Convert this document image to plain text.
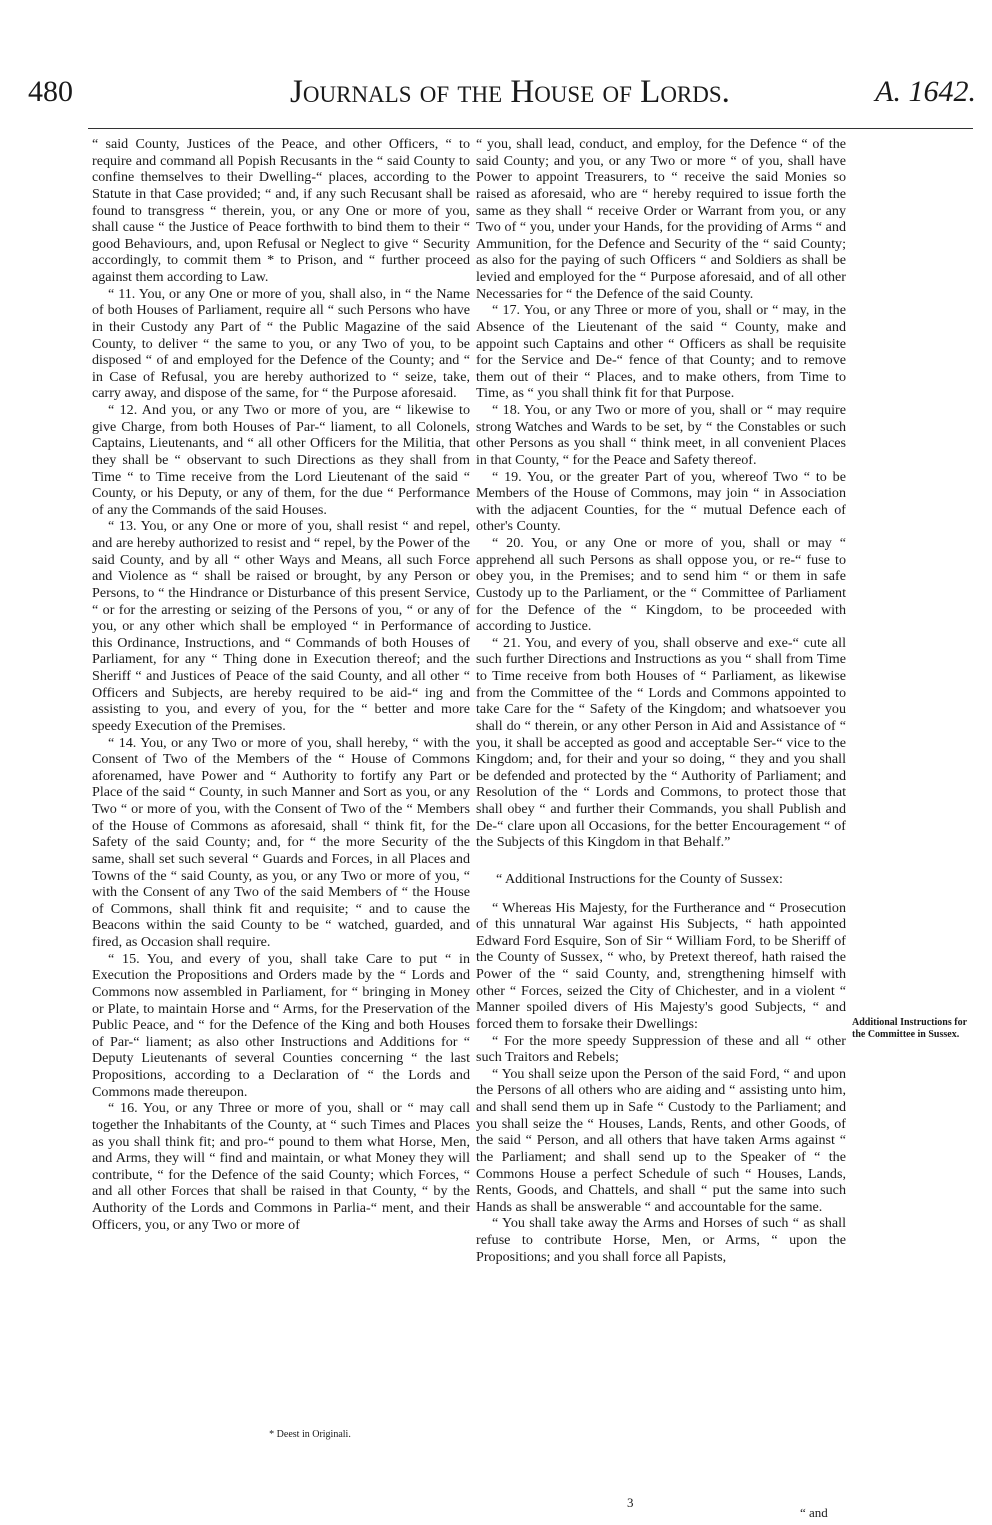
480	Journals of the House of Lords.	A. 1642.

“ said County, Justices of the Peace, and other Officers, “ to require and command all Popish Recusants in the “ said County to confine themselves to their Dwelling-“ places, according to the Statute in that Case provided; “ and, if any such Recusant shall be found to transgress “ therein, you, or any One or more of you, shall cause “ the Justice of Peace forthwith to bind them to their “ good Behaviours, and, upon Refusal or Neglect to give “ Security accordingly, to commit them * to Prison, and “ further proceed against them according to Law.

“ 11. You, or any One or more of you, shall also, in “ the Name of both Houses of Parliament, require all “ such Persons who have in their Custody any Part of “ the Public Magazine of the said County, to deliver “ the same to you, or any Two of you, to be disposed “ of and employed for the Defence of the County; and “ in Case of Refusal, you are hereby authorized to “ seize, take, carry away, and dispose of the same, for “ the Purpose aforesaid.

“ 12. And you, or any Two or more of you, are “ likewise to give Charge, from both Houses of Par-“ liament, to all Colonels, Captains, Lieutenants, and “ all other Officers for the Militia, that they shall be “ observant to such Directions as they shall from Time “ to Time receive from the Lord Lieutenant of the said “ County, or his Deputy, or any of them, for the due “ Performance of any the Commands of the said Houses.

“ 13. You, or any One or more of you, shall resist “ and repel, and are hereby authorized to resist and “ repel, by the Power of the said County, and by all “ other Ways and Means, all such Force and Violence as “ shall be raised or brought, by any Person or Persons, to “ the Hindrance or Disturbance of this present Service, “ or for the arresting or seizing of the Persons of you, “ or any of you, or any other which shall be employed “ in Performance of this Ordinance, Instructions, and “ Commands of both Houses of Parliament, for any “ Thing done in Execution thereof; and the Sheriff “ and Justices of Peace of the said County, and all other “ Officers and Subjects, are hereby required to be aid-“ ing and assisting to you, and every of you, for the “ better and more speedy Execution of the Premises.

“ 14. You, or any Two or more of you, shall hereby, “ with the Consent of Two of the Members of the “ House of Commons aforenamed, have Power and “ Authority to fortify any Part or Place of the said “ County, in such Manner and Sort as you, or any Two “ or more of you, with the Consent of Two of the “ Members of the House of Commons as aforesaid, shall “ think fit, for the Safety of the said County; and, for “ the more Security of the same, shall set such several “ Guards and Forces, in all Places and Towns of the “ said County, as you, or any Two or more of you, “ with the Consent of any Two of the said Members of “ the House of Commons, shall think fit and requisite; “ and to cause the Beacons within the said County to be “ watched, guarded, and fired, as Occasion shall require.

“ 15. You, and every of you, shall take Care to put “ in Execution the Propositions and Orders made by the “ Lords and Commons now assembled in Parliament, for “ bringing in Money or Plate, to maintain Horse and “ Arms, for the Preservation of the Public Peace, and “ for the Defence of the King and both Houses of Par-“ liament; as also other Instructions and Additions for “ Deputy Lieutenants of several Counties concerning “ the last Propositions, according to a Declaration of “ the Lords and Commons made thereupon.

“ 16. You, or any Three or more of you, shall or “ may call together the Inhabitants of the County, at “ such Times and Places as you shall think fit; and pro-“ pound to them what Horse, Men, and Arms, they will “ find and maintain, or what Money they will contribute, “ for the Defence of the said County; which Forces, “ and all other Forces that shall be raised in that County, “ by the Authority of the Lords and Commons in Parlia-“ ment, and their Officers, you, or any Two or more of

“ you, shall lead, conduct, and employ, for the Defence “ of the said County; and you, or any Two or more “ of you, shall have Power to appoint Treasurers, to “ receive the said Monies so raised as aforesaid, who are “ hereby required to issue forth the same as they shall “ receive Order or Warrant from you, or any Two of “ you, under your Hands, for the providing of Arms “ and Ammunition, for the Defence and Security of the “ said County; as also for the paying of such Officers “ and Soldiers as shall be levied and employed for the “ Purpose aforesaid, and of all other Necessaries for “ the Defence of the said County.

“ 17. You, or any Three or more of you, shall or “ may, in the Absence of the Lieutenant of the said “ County, make and appoint such Captains and other “ Officers as shall be requisite for the Service and De-“ fence of that County; and to remove them out of their “ Places, and to make others, from Time to Time, as “ you shall think fit for that Purpose.

“ 18. You, or any Two or more of you, shall or “ may require strong Watches and Wards to be set, by “ the Constables or such other Persons as you shall “ think meet, in all convenient Places in that County, “ for the Peace and Safety thereof.

“ 19. You, or the greater Part of you, whereof Two “ to be Members of the House of Commons, may join “ in Association with the adjacent Counties, for the “ mutual Defence each of other's County.

“ 20. You, or any One or more of you, shall or may “ apprehend all such Persons as shall oppose you, or re-“ fuse to obey you, in the Premises; and to send him “ or them in safe Custody up to the Parliament, or the “ Committee of Parliament for the Defence of the “ Kingdom, to be proceeded with according to Justice.

“ 21. You, and every of you, shall observe and exe-“ cute all such further Directions and Instructions as you “ shall from Time to Time receive from both Houses of “ Parliament, as likewise from the Committee of the “ Lords and Commons appointed to take Care for the “ Safety of the Kingdom; and whatsoever you shall do “ therein, or any other Person in Aid and Assistance of “ you, it shall be accepted as good and acceptable Ser-“ vice to the Kingdom; and, for their and your so doing, “ they and you shall be defended and protected by the “ Authority of Parliament; and Resolution of the “ Lords and Commons, to protect those that shall obey “ and further their Commands, you shall Publish and De-“ clare upon all Occasions, for the better Encouragement “ of the Subjects of this Kingdom in that Behalf.”

“ Additional Instructions for the County of Sussex:

“ Whereas His Majesty, for the Furtherance and “ Prosecution of this unnatural War against His Subjects, “ hath appointed Edward Ford Esquire, Son of Sir “ William Ford, to be Sheriff of the County of Sussex, “ who, by Pretext thereof, hath raised the Power of the “ said County, and, strengthening himself with other “ Forces, seized the City of Chichester, and in a violent “ Manner spoiled divers of His Majesty's good Subjects, “ and forced them to forsake their Dwellings:

“ For the more speedy Suppression of these and all “ other such Traitors and Rebels;

“ You shall seize upon the Person of the said Ford, “ and upon the Persons of all others who are aiding and “ assisting unto him, and shall send them up in Safe “ Custody to the Parliament; and you shall seize the “ Houses, Lands, Rents, and other Goods, of the said “ Person, and all others that have taken Arms against “ the Parliament; and shall send up to the Speaker of “ the Commons House a perfect Schedule of such “ Houses, Lands, Rents, Goods, and Chattels, and shall “ put the same into such Hands as shall be answerable “ and accountable for the same.

“ You shall take away the Arms and Horses of such “ as shall refuse to contribute Horse, Men, or Arms, “ upon the Propositions; and you shall force all Papists,

Additional Instructions for the Committee in Sussex.
* Deest in Originali.
3
“ and
